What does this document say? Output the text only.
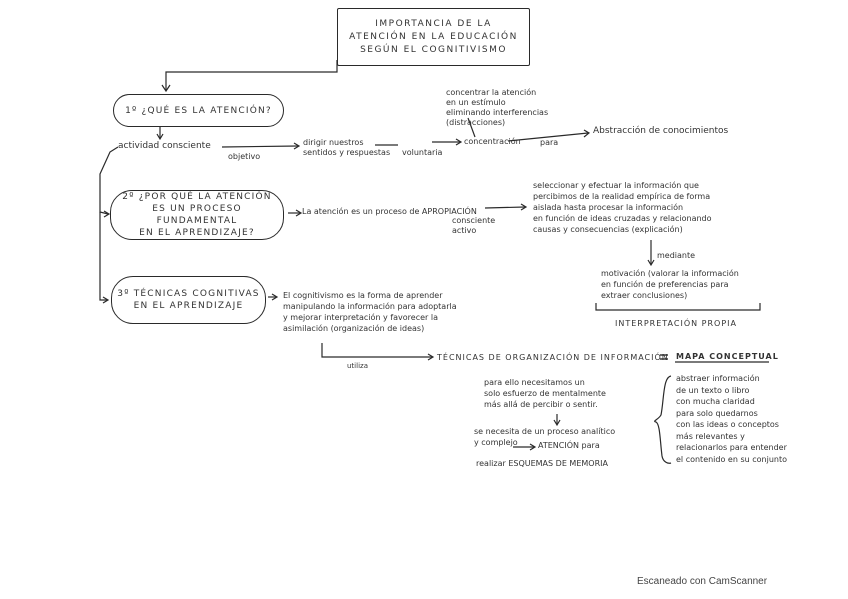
IMPORTANCIA DE LA
ATENCIÓN EN LA EDUCACIÓN
SEGÚN EL COGNITIVISMO
1º ¿QUÉ ES LA ATENCIÓN?
actividad consciente
objetivo
dirigir nuestros
sentidos y respuestas voluntaria
concentrar la atención
en un estímulo
eliminando interferencias
(distracciones)
concentración para
Abstracción de conocimientos
2º ¿POR QUÉ LA ATENCIÓN
ES UN PROCESO FUNDAMENTAL
EN EL APRENDIZAJE?
La atención es un proceso de APROPIACIÓN
consciente
activo
seleccionar y efectuar la información que
percibimos de la realidad empírica de forma
aislada hasta procesar la información
en función de ideas cruzadas y relacionando
causas y consecuencias (explicación)
mediante
motivación (valorar la información
en función de preferencias para
extraer conclusiones)
INTERPRETACIÓN PROPIA
3º TÉCNICAS COGNITIVAS
EN EL APRENDIZAJE
El cognitivismo es la forma de aprender
manipulando la información para adoptarla
y mejorar interpretación y favorecer la
asimilación (organización de ideas)
utiliza
TÉCNICAS DE ORGANIZACIÓN DE INFORMACIÓN MAPA CONCEPTUAL
para ello necesitamos un
solo esfuerzo de mentalmente
más allá de percibir o sentir.
se necesita de un proceso analítico
y complejo	ATENCIÓN para
realizar ESQUEMAS DE MEMORIA
abstraer información
de un texto o libro
con mucha claridad
para solo quedarnos
con las ideas o conceptos
más relevantes y
relacionarlos para entender
el contenido en su conjunto
Escaneado con CamScanner
